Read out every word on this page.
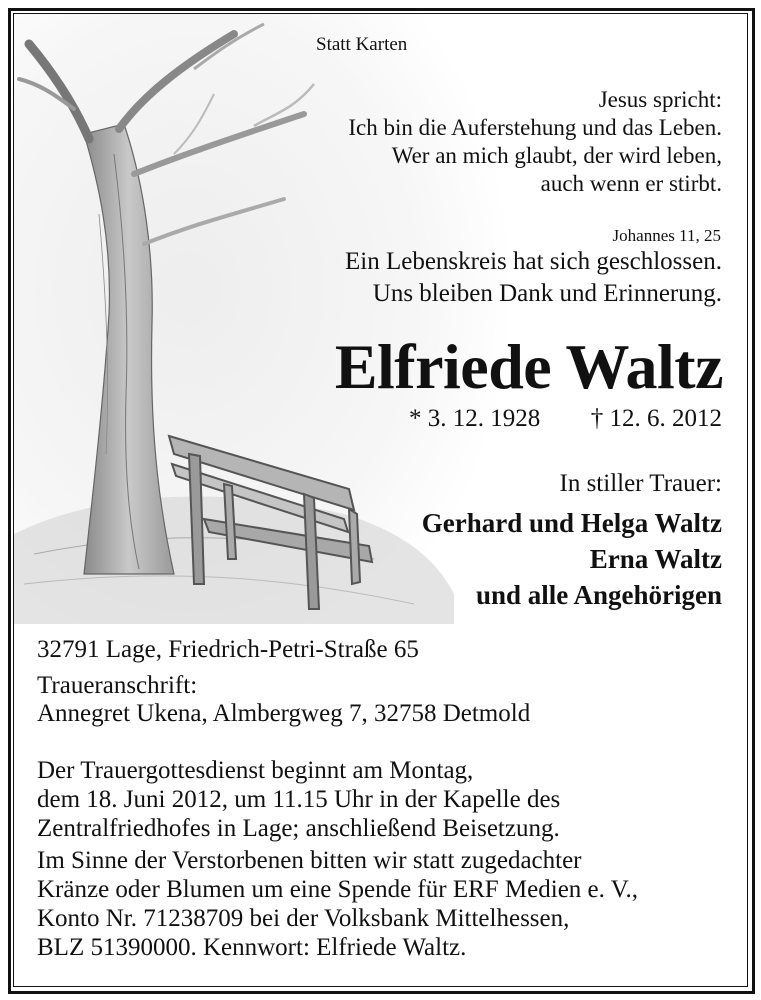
Statt Karten
Jesus spricht:
Ich bin die Auferstehung und das Leben.
Wer an mich glaubt, der wird leben,
auch wenn er stirbt.
Johannes 11, 25
Ein Lebenskreis hat sich geschlossen.
Uns bleiben Dank und Erinnerung.
Elfriede Waltz
* 3. 12. 1928 † 12. 6. 2012
In stiller Trauer:
Gerhard und Helga Waltz
Erna Waltz
und alle Angehörigen
32791 Lage, Friedrich-Petri-Straße 65
Traueranschrift:
Annegret Ukena, Almbergweg 7, 32758 Detmold
Der Trauergottesdienst beginnt am Montag,
dem 18. Juni 2012, um 11.15 Uhr in der Kapelle des
Zentralfriedhofes in Lage; anschließend Beisetzung.
Im Sinne der Verstorbenen bitten wir statt zugedachter
Kränze oder Blumen um eine Spende für ERF Medien e. V.,
Konto Nr. 71238709 bei der Volksbank Mittelhessen,
BLZ 51390000. Kennwort: Elfriede Waltz.
